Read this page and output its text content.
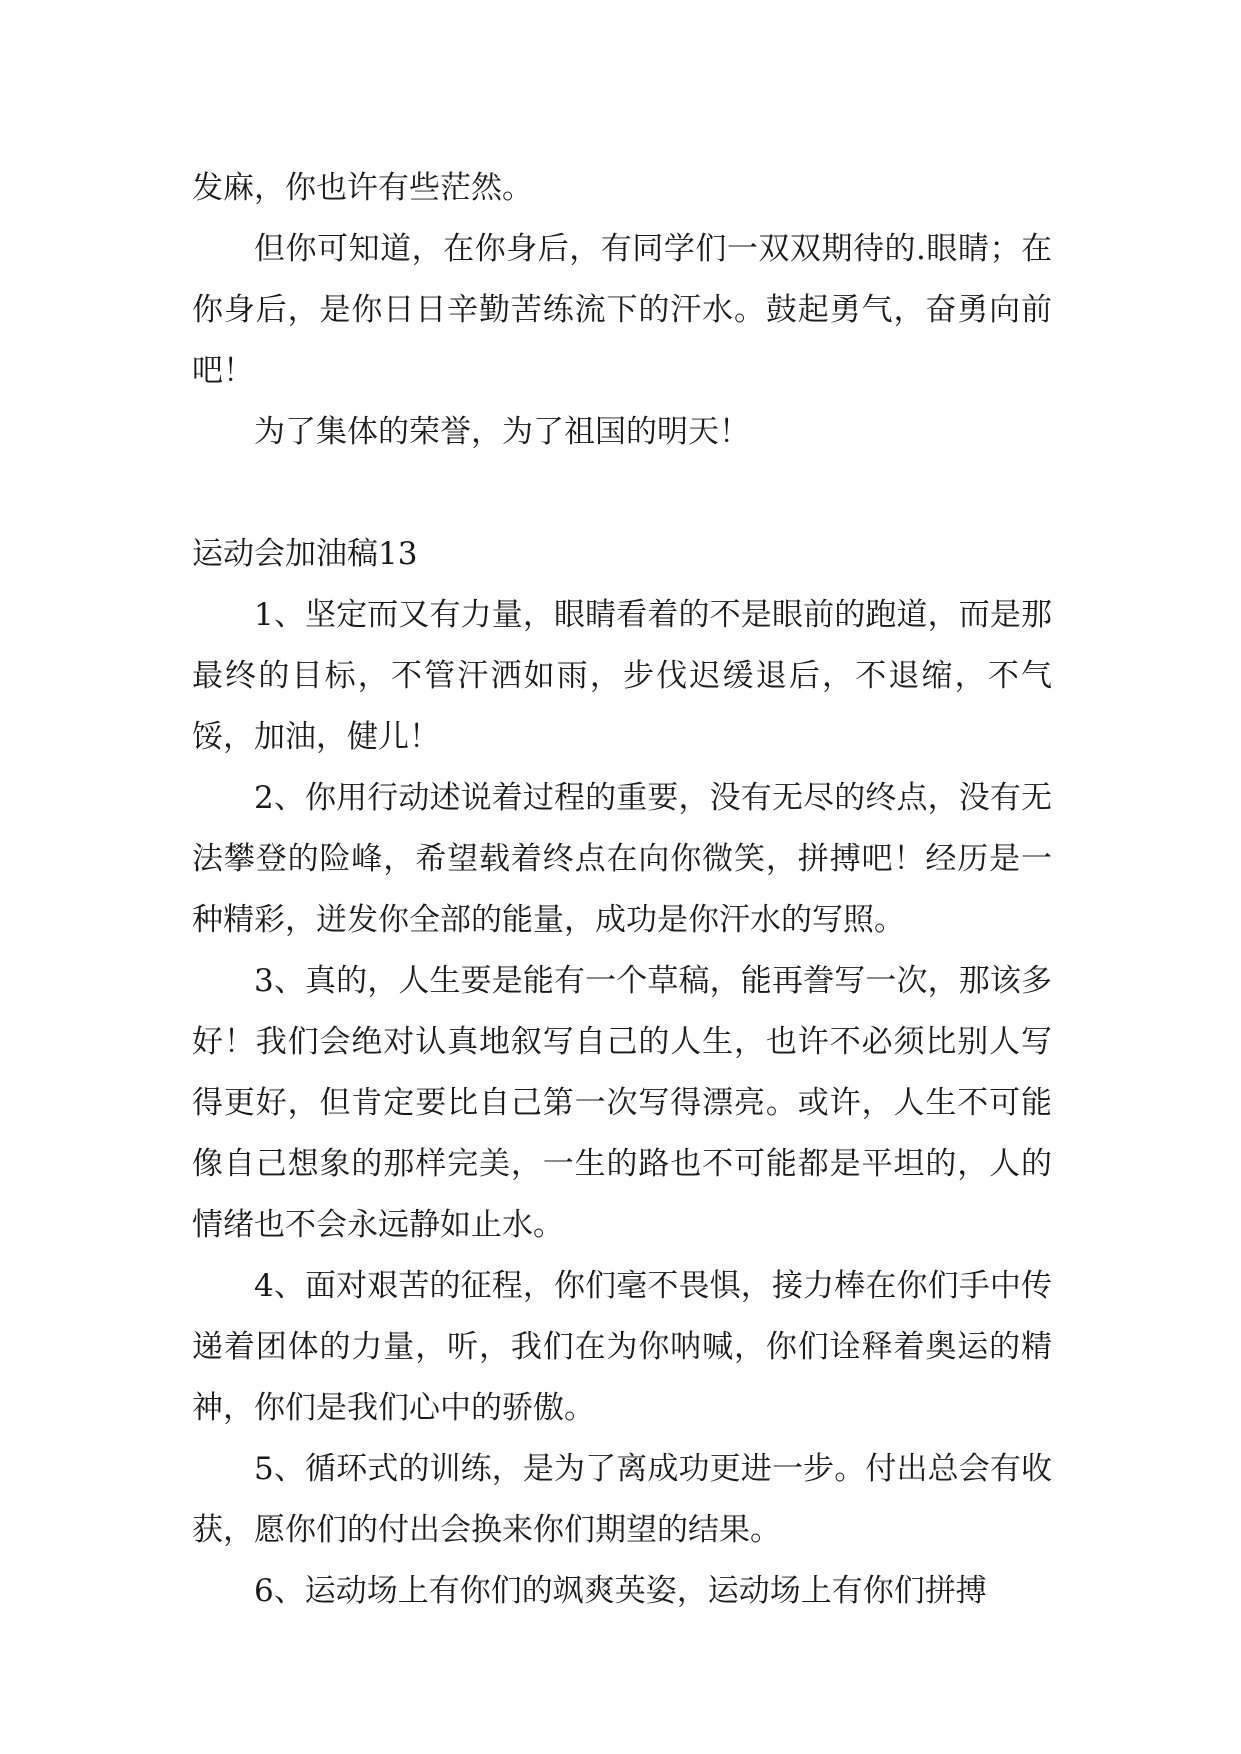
发麻，你也许有些茫然。

但你可知道，在你身后，有同学们一双双期待的.眼睛；在你身后，是你日日辛勤苦练流下的汗水。鼓起勇气，奋勇向前吧！

为了集体的荣誉，为了祖国的明天！

运动会加油稿13

1、坚定而又有力量，眼睛看着的不是眼前的跑道，而是那最终的目标，不管汗洒如雨，步伐迟缓退后，不退缩，不气馁，加油，健儿！

2、你用行动述说着过程的重要，没有无尽的终点，没有无法攀登的险峰，希望载着终点在向你微笑，拼搏吧！经历是一种精彩，迸发你全部的能量，成功是你汗水的写照。

3、真的，人生要是能有一个草稿，能再誊写一次，那该多好！我们会绝对认真地叙写自己的人生，也许不必须比别人写得更好，但肯定要比自己第一次写得漂亮。或许，人生不可能像自己想象的那样完美，一生的路也不可能都是平坦的，人的情绪也不会永远静如止水。

4、面对艰苦的征程，你们毫不畏惧，接力棒在你们手中传递着团体的力量，听，我们在为你呐喊，你们诠释着奥运的精神，你们是我们心中的骄傲。

5、循环式的训练，是为了离成功更进一步。付出总会有收获，愿你们的付出会换来你们期望的结果。

6、运动场上有你们的飒爽英姿，运动场上有你们拼搏
